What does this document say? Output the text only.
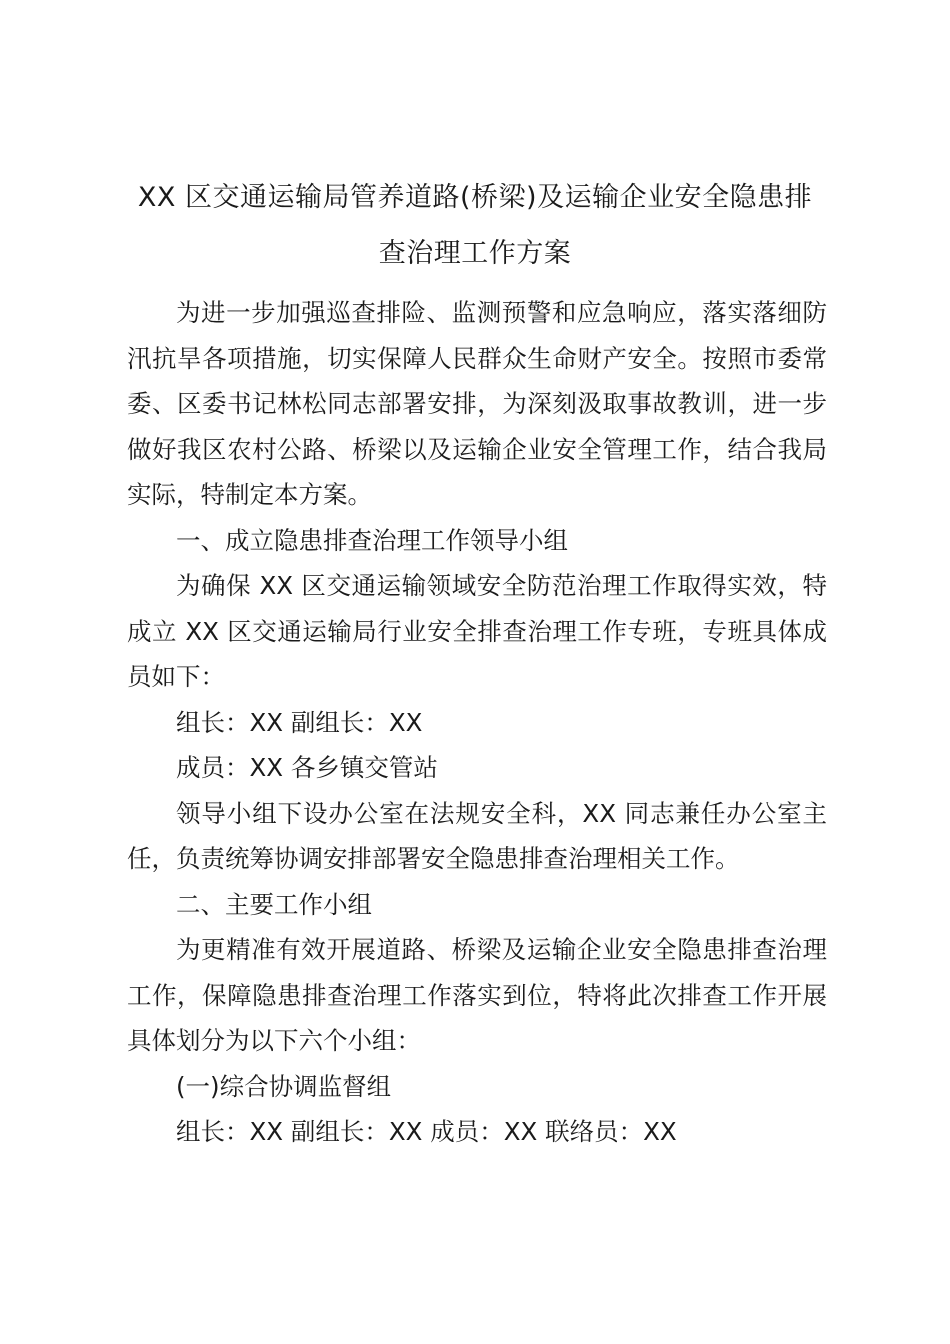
XX 区交通运输局管养道路(桥梁)及运输企业安全隐患排
查治理工作方案

为进一步加强巡查排险、监测预警和应急响应，落实落细防汛抗旱各项措施，切实保障人民群众生命财产安全。按照市委常委、区委书记林松同志部署安排，为深刻汲取事故教训，进一步做好我区农村公路、桥梁以及运输企业安全管理工作，结合我局实际，特制定本方案。

一、成立隐患排查治理工作领导小组

为确保 XX 区交通运输领域安全防范治理工作取得实效，特成立 XX 区交通运输局行业安全排查治理工作专班，专班具体成员如下：

组长：XX 副组长：XX

成员：XX 各乡镇交管站

领导小组下设办公室在法规安全科，XX 同志兼任办公室主任，负责统筹协调安排部署安全隐患排查治理相关工作。

二、主要工作小组

为更精准有效开展道路、桥梁及运输企业安全隐患排查治理工作，保障隐患排查治理工作落实到位，特将此次排查工作开展具体划分为以下六个小组：

(一)综合协调监督组

组长：XX 副组长：XX 成员：XX 联络员：XX
